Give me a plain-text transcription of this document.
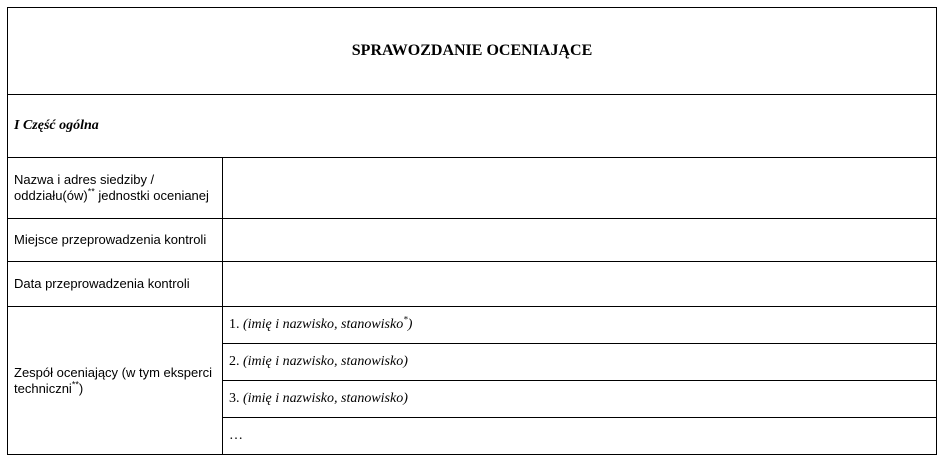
SPRAWOZDANIE OCENIAJĄCE	
I Część ogólna	
Nazwa i adres siedziby / oddziału(ów)** jednostki ocenianej	
Miejsce przeprowadzenia kontroli	
Data przeprowadzenia kontroli	
Zespół oceniający (w tym eksperci techniczni**)	1. (imię i nazwisko, stanowisko*)
	2. (imię i nazwisko, stanowisko)
	3. (imię i nazwisko, stanowisko)
	…
